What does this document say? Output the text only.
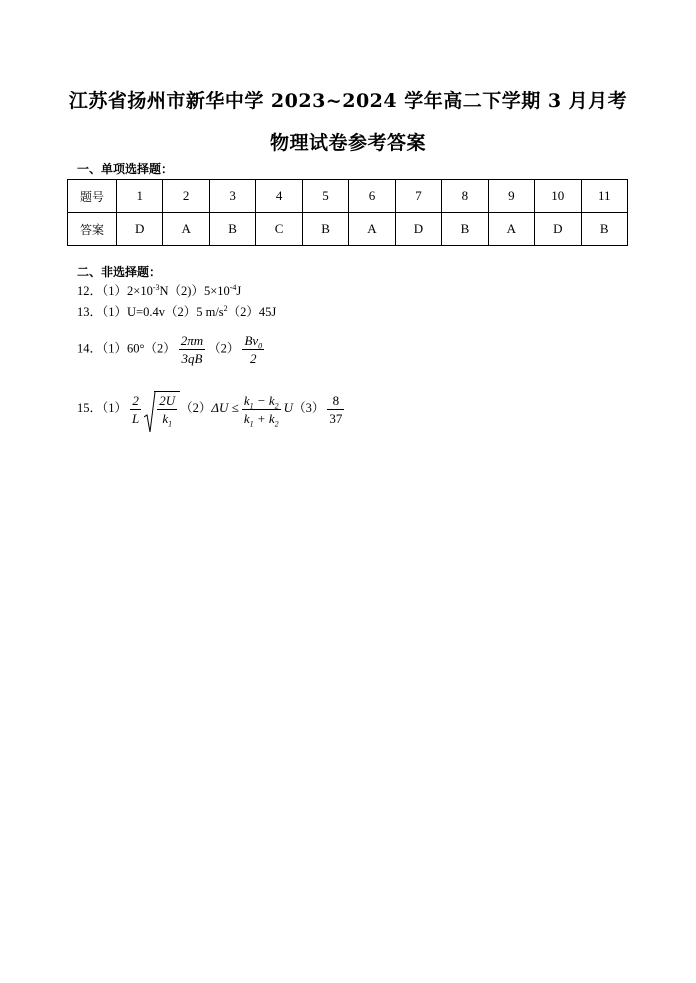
江苏省扬州市新华中学 2023~2024 学年高二下学期 3 月月考
物理试卷参考答案
一、单项选择题：
题号	1	2	3	4	5	6	7	8	9	10	11
答案	D	A	B	C	B	A	D	B	A	D	B
二、非选择题：
12．$(1)2\times 10^{-3}N(2))5\times 10^{-4}J$
13．（1）U=0.4v（2）5 $m/s^2(2)45J$
14．$(1)60^\circ(2) \frac{2\pi m}{3qB} (2) \frac{Bv_0}{2}$
15．$(1) \frac{2}{L} \frac{2U}{k_1} (2)\Delta U \le \frac{k_1 - k_2}{k_1 + k_2} U(3) \frac{8}{37}$
